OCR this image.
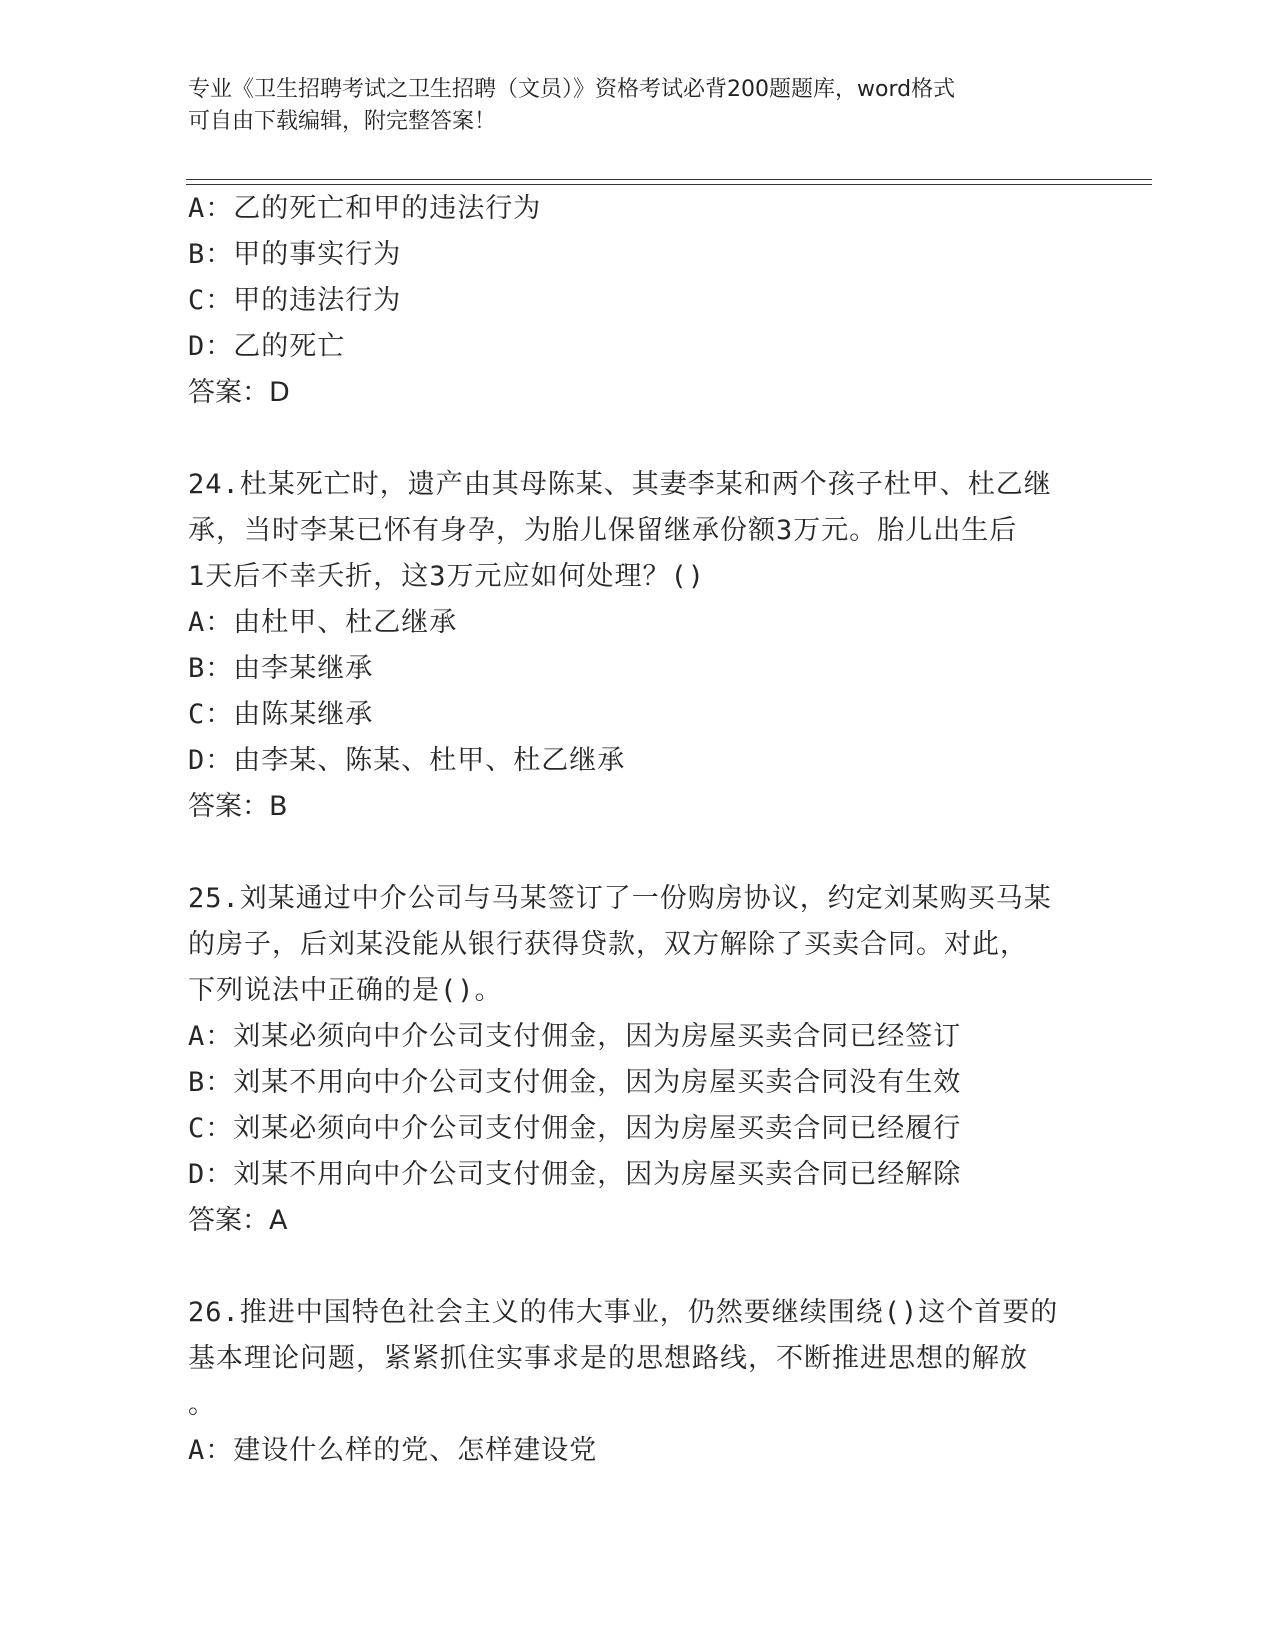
专业《卫生招聘考试之卫生招聘（文员）》资格考试必背200题题库，word格式
可自由下载编辑，附完整答案！
A：乙的死亡和甲的违法行为
B：甲的事实行为
C：甲的违法行为
D：乙的死亡
答案：D
24.杜某死亡时，遗产由其母陈某、其妻李某和两个孩子杜甲、杜乙继
承，当时李某已怀有身孕，为胎儿保留继承份额3万元。胎儿出生后
1天后不幸夭折，这3万元应如何处理？()
A：由杜甲、杜乙继承
B：由李某继承
C：由陈某继承
D：由李某、陈某、杜甲、杜乙继承
答案：B
25.刘某通过中介公司与马某签订了一份购房协议，约定刘某购买马某
的房子，后刘某没能从银行获得贷款，双方解除了买卖合同。对此，
下列说法中正确的是()。
A：刘某必须向中介公司支付佣金，因为房屋买卖合同已经签订
B：刘某不用向中介公司支付佣金，因为房屋买卖合同没有生效
C：刘某必须向中介公司支付佣金，因为房屋买卖合同已经履行
D：刘某不用向中介公司支付佣金，因为房屋买卖合同已经解除
答案：A
26.推进中国特色社会主义的伟大事业，仍然要继续围绕()这个首要的
基本理论问题，紧紧抓住实事求是的思想路线，不断推进思想的解放
。
A：建设什么样的党、怎样建设党
